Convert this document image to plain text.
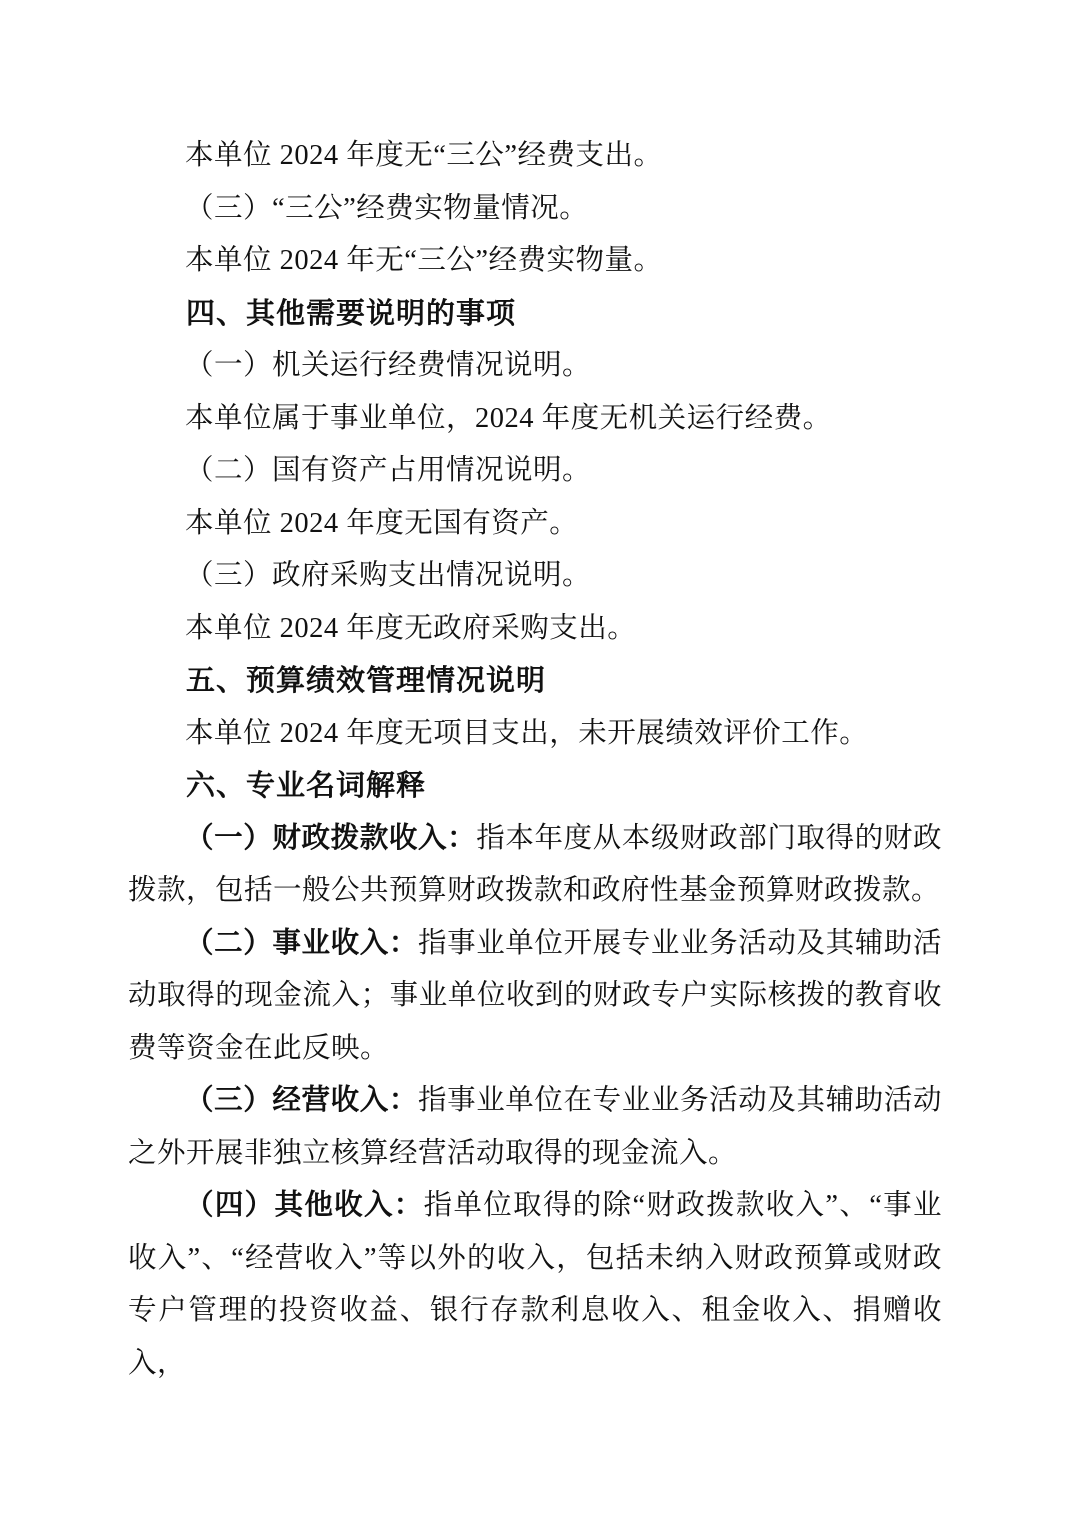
本单位 2024 年度无“三公”经费支出。

（三）“三公”经费实物量情况。

本单位 2024 年无“三公”经费实物量。

四、其他需要说明的事项

（一）机关运行经费情况说明。

本单位属于事业单位，2024 年度无机关运行经费。

（二）国有资产占用情况说明。

本单位 2024 年度无国有资产。

（三）政府采购支出情况说明。

本单位 2024 年度无政府采购支出。

五、预算绩效管理情况说明

本单位 2024 年度无项目支出，未开展绩效评价工作。

六、专业名词解释

（一）财政拨款收入：指本年度从本级财政部门取得的财政拨款，包括一般公共预算财政拨款和政府性基金预算财政拨款。

（二）事业收入：指事业单位开展专业业务活动及其辅助活动取得的现金流入；事业单位收到的财政专户实际核拨的教育收费等资金在此反映。

（三）经营收入：指事业单位在专业业务活动及其辅助活动之外开展非独立核算经营活动取得的现金流入。

（四）其他收入：指单位取得的除“财政拨款收入”、“事业收入”、“经营收入”等以外的收入，包括未纳入财政预算或财政专户管理的投资收益、银行存款利息收入、租金收入、捐赠收入，
